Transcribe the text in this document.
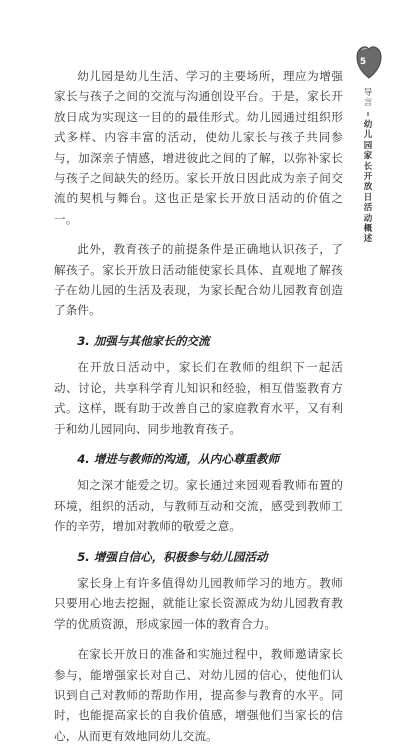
5
导言
幼儿园家长开放日活动概述

幼儿园是幼儿生活、学习的主要场所，理应为增强家长与孩子之间的交流与沟通创设平台。于是，家长开放日成为实现这一目的的最佳形式。幼儿园通过组织形式多样、内容丰富的活动，使幼儿家长与孩子共同参与，加深亲子情感，增进彼此之间的了解，以弥补家长与孩子之间缺失的经历。家长开放日因此成为亲子间交流的契机与舞台。这也正是家长开放日活动的价值之一。

此外，教育孩子的前提条件是正确地认识孩子，了解孩子。家长开放日活动能使家长具体、直观地了解孩子在幼儿园的生活及表现，为家长配合幼儿园教育创造了条件。

3. 加强与其他家长的交流

在开放日活动中，家长们在教师的组织下一起活动、讨论，共享科学育儿知识和经验，相互借鉴教育方式。这样，既有助于改善自己的家庭教育水平，又有利于和幼儿园同向、同步地教育孩子。

4. 增进与教师的沟通，从内心尊重教师

知之深才能爱之切。家长通过来园观看教师布置的环境，组织的活动，与教师互动和交流，感受到教师工作的辛劳，增加对教师的敬爱之意。

5. 增强自信心，积极参与幼儿园活动

家长身上有许多值得幼儿园教师学习的地方。教师只要用心地去挖掘，就能让家长资源成为幼儿园教育教学的优质资源，形成家园一体的教育合力。

在家长开放日的准备和实施过程中，教师邀请家长参与，能增强家长对自己、对幼儿园的信心，使他们认识到自己对教师的帮助作用，提高参与教育的水平。同时，也能提高家长的自我价值感，增强他们当家长的信心，从而更有效地同幼儿交流。
